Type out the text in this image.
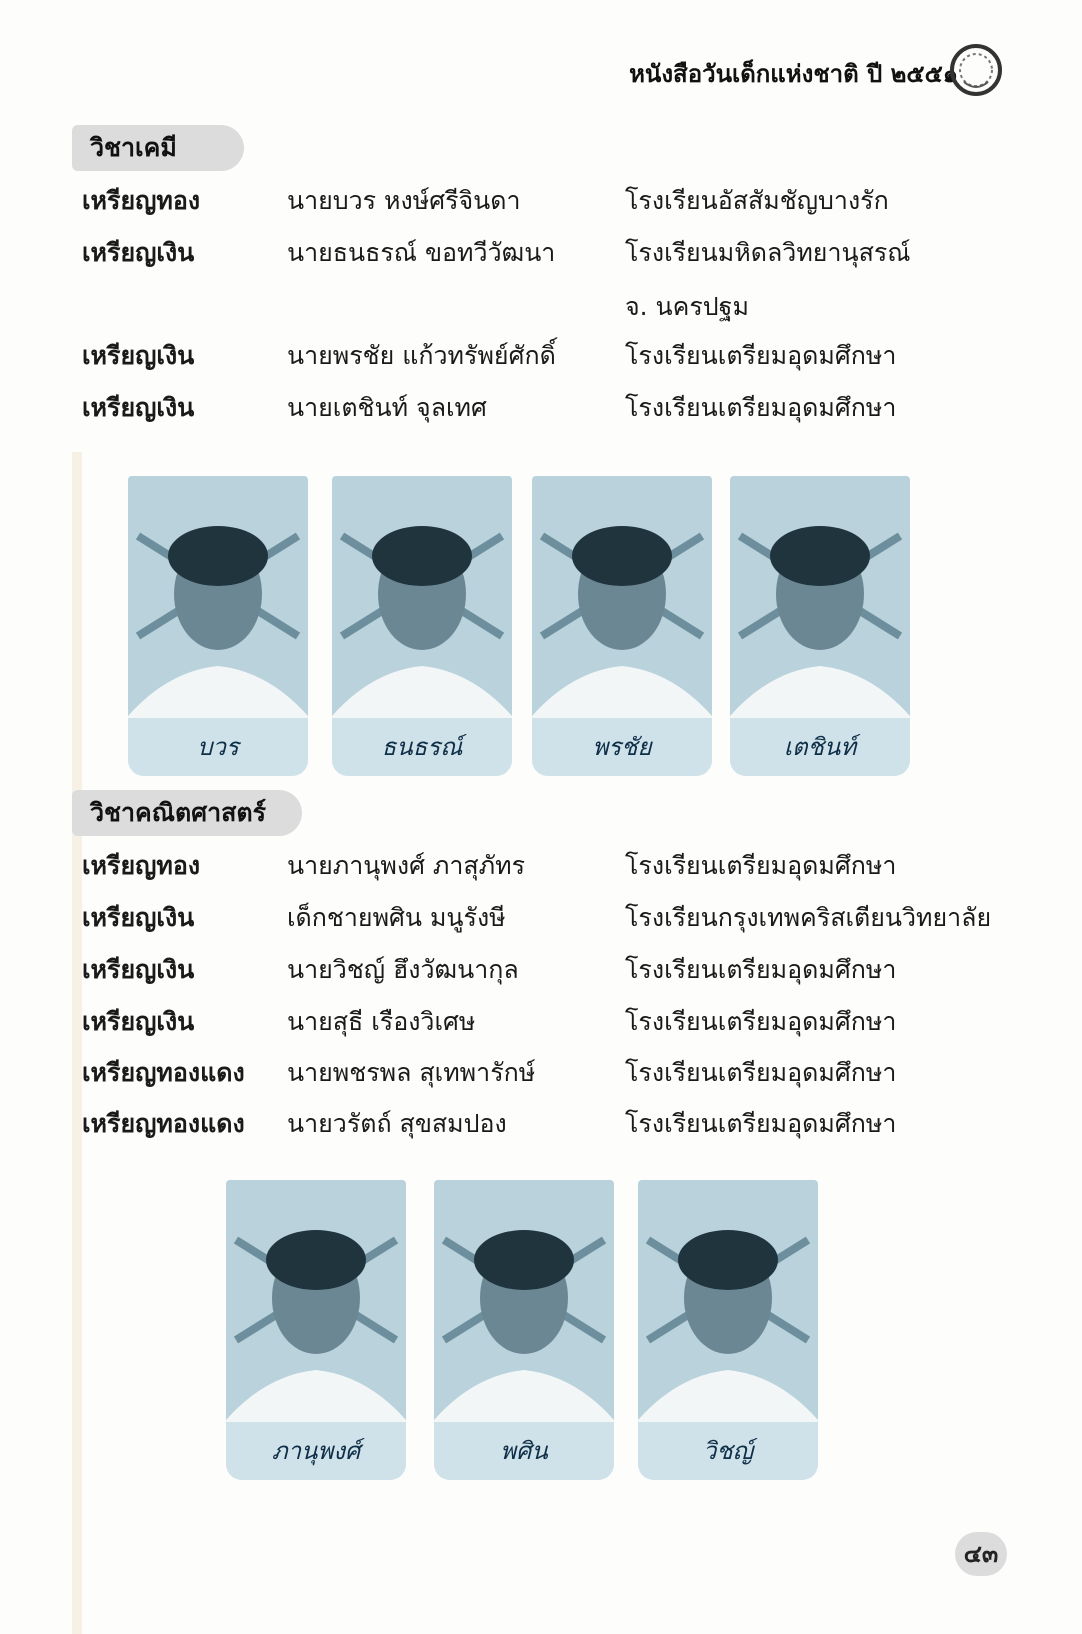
หนังสือวันเด็กแห่งชาติ ปี ๒๕๕๑
วิชาเคมี
เหรียญทอง	นายบวร หงษ์ศรีจินดา	โรงเรียนอัสสัมชัญบางรัก
เหรียญเงิน	นายธนธรณ์ ขอทวีวัฒนา	โรงเรียนมหิดลวิทยานุสรณ์
จ. นครปฐม
เหรียญเงิน	นายพรชัย แก้วทรัพย์ศักดิ์	โรงเรียนเตรียมอุดมศึกษา
เหรียญเงิน	นายเตชินท์ จุลเทศ	โรงเรียนเตรียมอุดมศึกษา
บวร	ธนธรณ์	พรชัย	เตชินท์
วิชาคณิตศาสตร์
เหรียญทอง	นายภานุพงศ์ ภาสุภัทร	โรงเรียนเตรียมอุดมศึกษา
เหรียญเงิน	เด็กชายพศิน มนูรังษี	โรงเรียนกรุงเทพคริสเตียนวิทยาลัย
เหรียญเงิน	นายวิชญ์ ฮึงวัฒนากุล	โรงเรียนเตรียมอุดมศึกษา
เหรียญเงิน	นายสุธี เรืองวิเศษ	โรงเรียนเตรียมอุดมศึกษา
เหรียญทองแดง นายพชรพล สุเทพารักษ์	โรงเรียนเตรียมอุดมศึกษา
เหรียญทองแดง นายวรัตถ์ สุขสมปอง	โรงเรียนเตรียมอุดมศึกษา
ภานุพงศ์	พศิน	วิชญ์
๔๓
